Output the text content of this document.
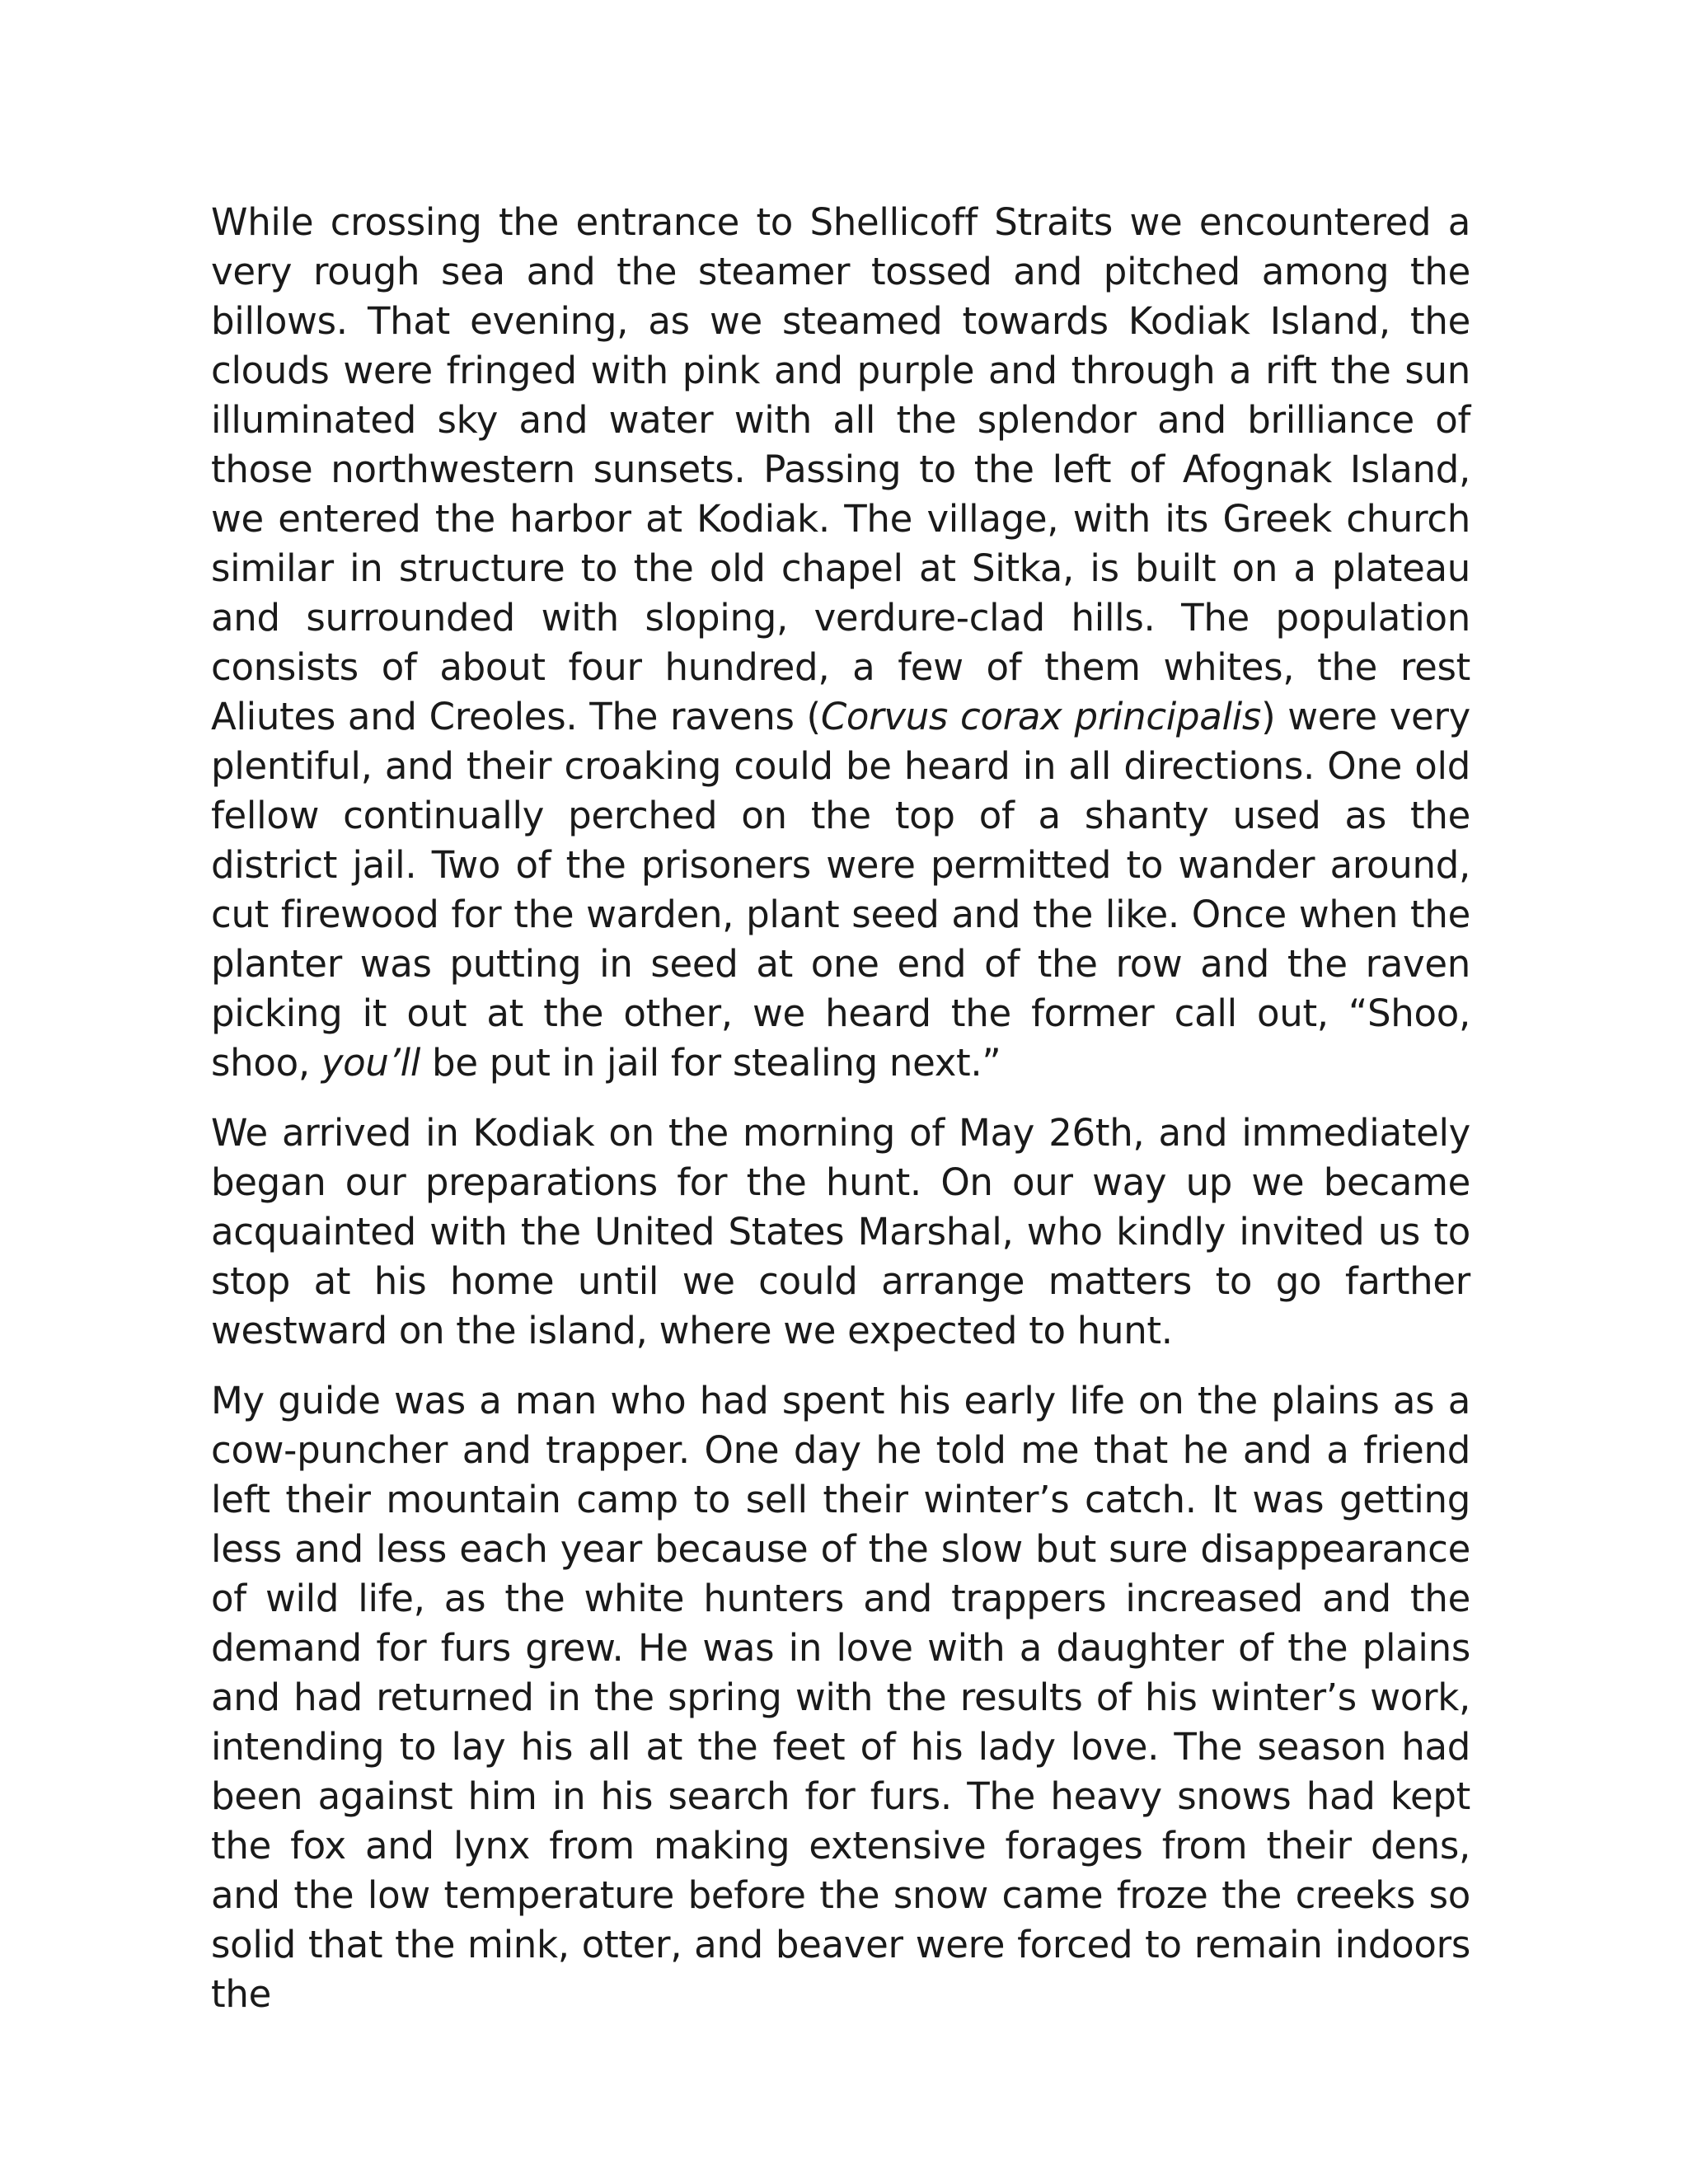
While crossing the entrance to Shellicoff Straits we encountered a very rough sea and the steamer tossed and pitched among the billows. That evening, as we steamed towards Kodiak Island, the clouds were fringed with pink and purple and through a rift the sun illuminated sky and water with all the splendor and brilliance of those northwestern sunsets. Passing to the left of Afognak Island, we entered the harbor at Kodiak. The village, with its Greek church similar in structure to the old chapel at Sitka, is built on a plateau and surrounded with sloping, verdure-clad hills. The population consists of about four hundred, a few of them whites, the rest Aliutes and Creoles. The ravens (Corvus corax principalis) were very plentiful, and their croaking could be heard in all directions. One old fellow continually perched on the top of a shanty used as the district jail. Two of the prisoners were permitted to wander around, cut firewood for the warden, plant seed and the like. Once when the planter was putting in seed at one end of the row and the raven picking it out at the other, we heard the former call out, “Shoo, shoo, you’ll be put in jail for stealing next.”

We arrived in Kodiak on the morning of May 26th, and immediately began our preparations for the hunt. On our way up we became acquainted with the United States Marshal, who kindly invited us to stop at his home until we could arrange matters to go farther westward on the island, where we expected to hunt.

My guide was a man who had spent his early life on the plains as a cow-puncher and trapper. One day he told me that he and a friend left their mountain camp to sell their winter’s catch. It was getting less and less each year because of the slow but sure disappearance of wild life, as the white hunters and trappers increased and the demand for furs grew. He was in love with a daughter of the plains and had returned in the spring with the results of his winter’s work, intending to lay his all at the feet of his lady love. The season had been against him in his search for furs. The heavy snows had kept the fox and lynx from making extensive forages from their dens, and the low temperature before the snow came froze the creeks so solid that the mink, otter, and beaver were forced to remain indoors the
